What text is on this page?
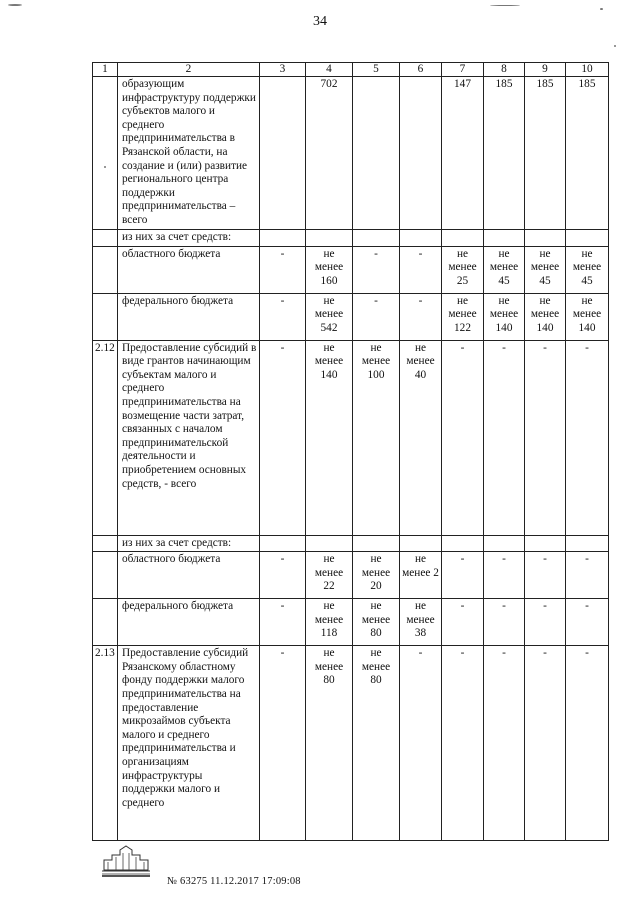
34
1	2	3	4	5	6	7	8	9	10
	образующим инфраструктуру поддержки субъектов малого и среднего предпринимательства в Рязанской области, на создание и (или) развитие регионального центра поддержки предпринимательства – всего		702			147	185	185	185
	из них за счет средств:								
	областного бюджета	-	не менее 160	-	-	не менее 25	не менее 45	не менее 45	не менее 45
	федерального бюджета	-	не менее 542	-	-	не менее 122	не менее 140	не менее 140	не менее 140
2.12	Предоставление субсидий в виде грантов начинающим субъектам малого и среднего предпринимательства на возмещение части затрат, связанных с началом предпринимательской деятельности и приобретением основных средств, - всего	-	не менее 140	не менее 100	не менее 40	-	-	-	-
	из них за счет средств:								
	областного бюджета	-	не менее 22	не менее 20	не менее 2	-	-	-	-
	федерального бюджета	-	не менее 118	не менее 80	не менее 38	-	-	-	-
2.13	Предоставление субсидий Рязанскому областному фонду поддержки малого предпринимательства на предоставление микрозаймов субъекта малого и среднего предпринимательства и организациям инфраструктуры поддержки малого и среднего	-	не менее 80	не менее 80	-	-	-	-	-
№ 63275 11.12.2017 17:09:08
